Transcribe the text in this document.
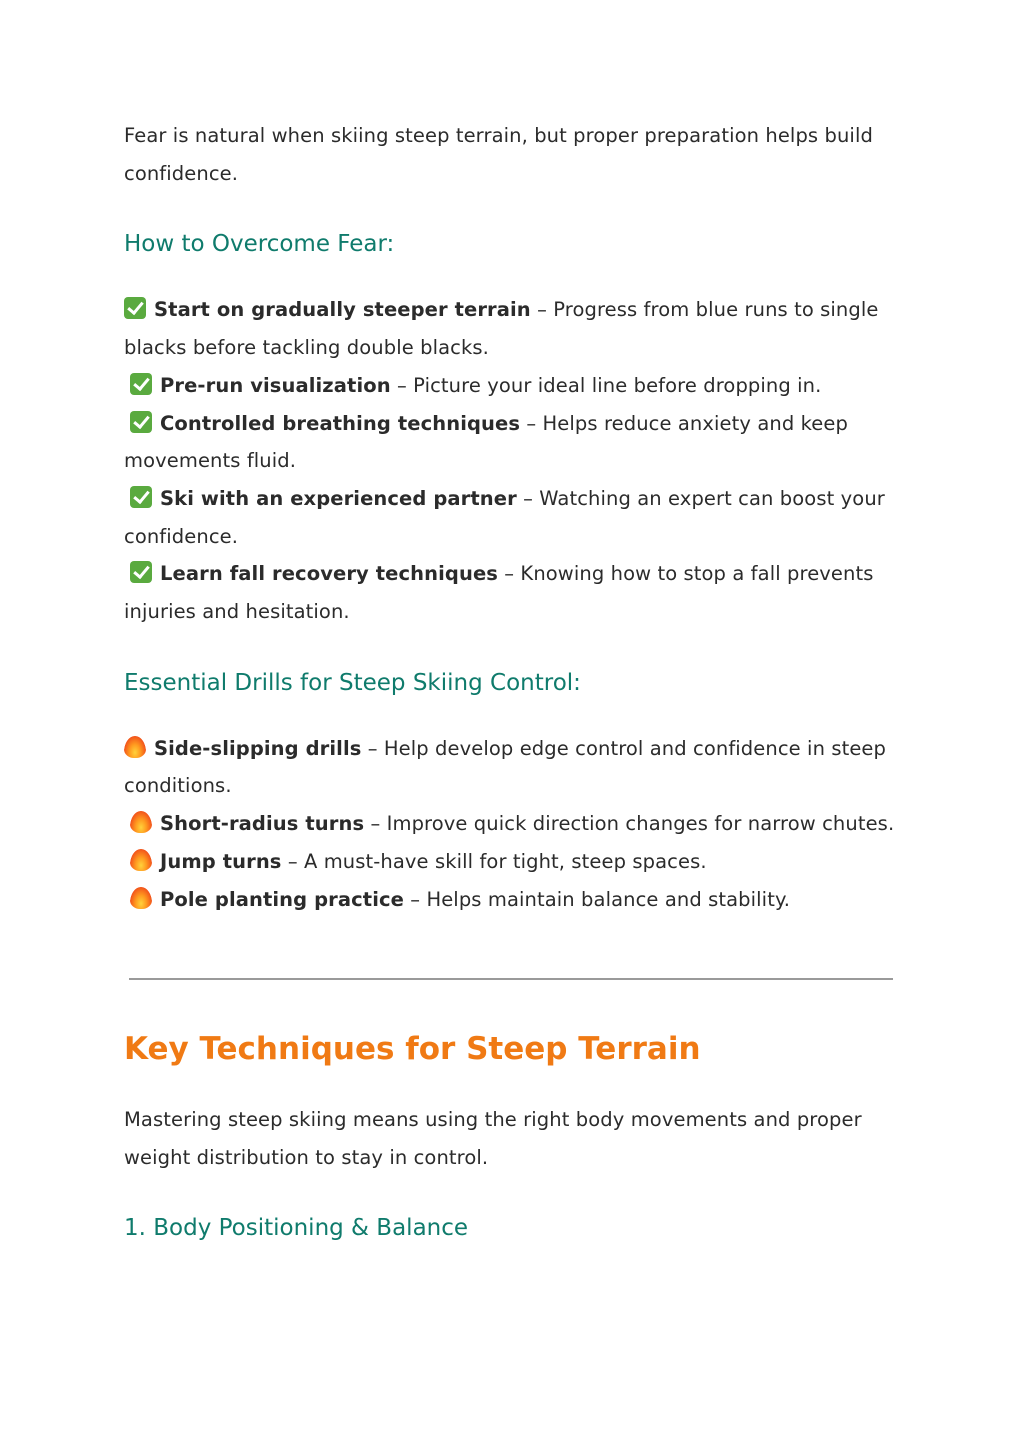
Fear is natural when skiing steep terrain, but proper preparation helps build confidence.

How to Overcome Fear:

Start on gradually steeper terrain – Progress from blue runs to single blacks before tackling double blacks.

Pre-run visualization – Picture your ideal line before dropping in.

Controlled breathing techniques – Helps reduce anxiety and keep movements fluid.

Ski with an experienced partner – Watching an expert can boost your confidence.

Learn fall recovery techniques – Knowing how to stop a fall prevents injuries and hesitation.

Essential Drills for Steep Skiing Control:

Side-slipping drills – Help develop edge control and confidence in steep conditions.

Short-radius turns – Improve quick direction changes for narrow chutes.

Jump turns – A must-have skill for tight, steep spaces.

Pole planting practice – Helps maintain balance and stability.

Key Techniques for Steep Terrain

Mastering steep skiing means using the right body movements and proper weight distribution to stay in control.

1. Body Positioning & Balance
